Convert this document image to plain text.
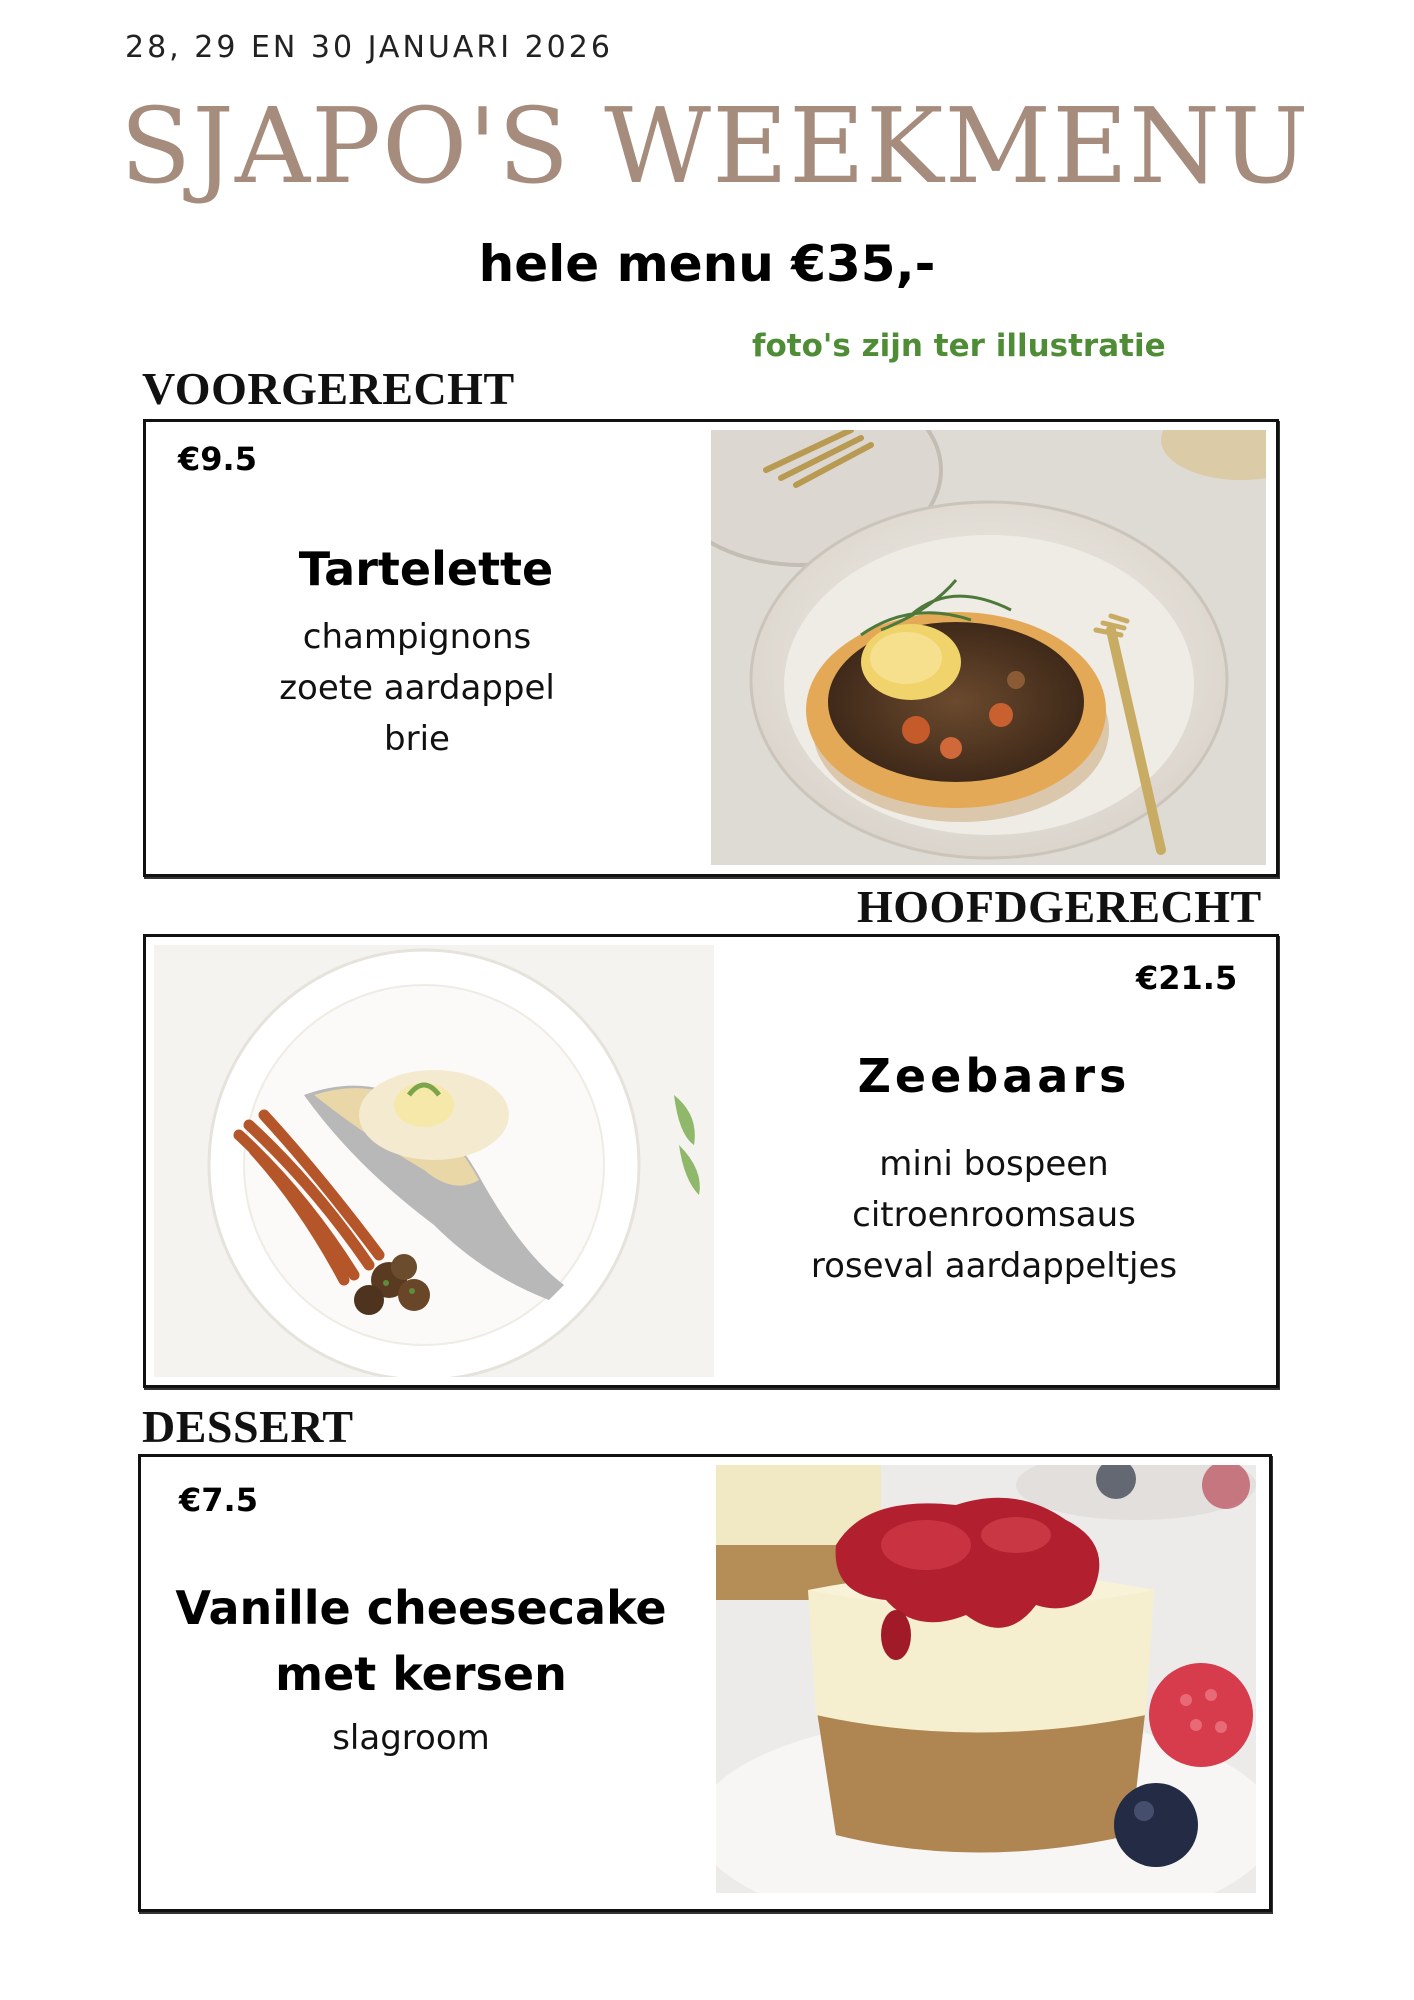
28, 29 EN 30 JANUARI 2026
SJAPO'S WEEKMENU
hele menu €35,-
foto's zijn ter illustratie
VOORGERECHT
€9.5
Tartelette
champignons
zoete aardappel
brie
HOOFDGERECHT
€21.5
Zeebaars
mini bospeen
citroenroomsaus
roseval aardappeltjes
DESSERT
€7.5
Vanille cheesecake
met kersen
slagroom
